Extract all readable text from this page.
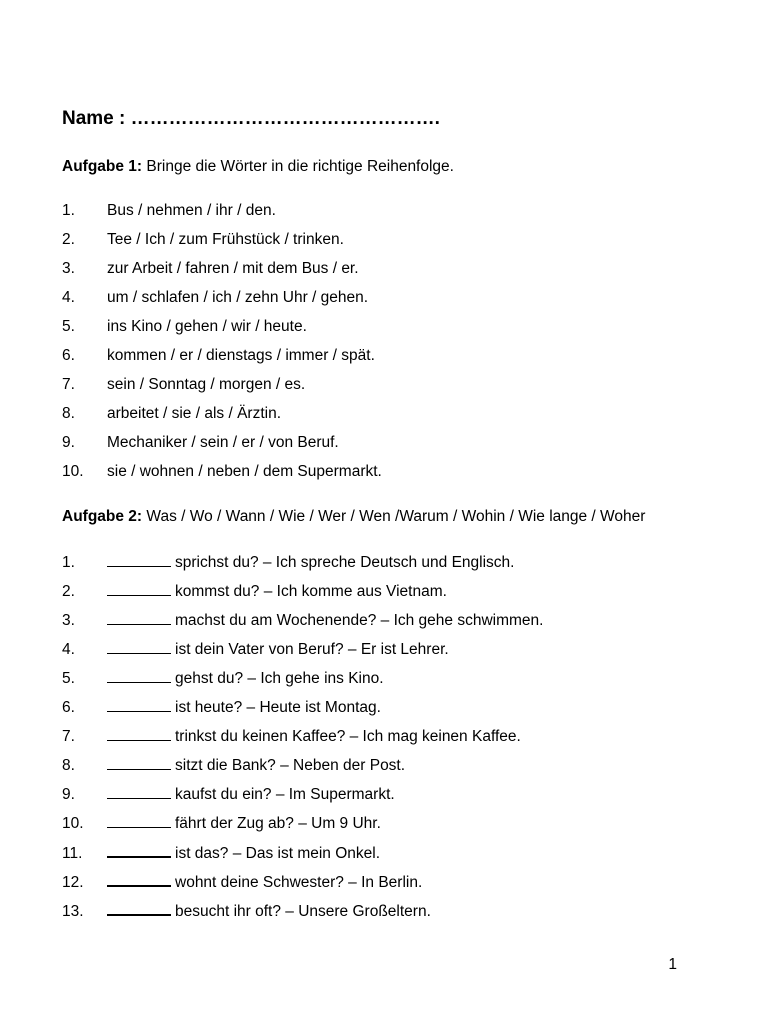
Name : ………………………………………….
Aufgabe 1: Bringe die Wörter in die richtige Reihenfolge.
1. Bus / nehmen / ihr / den.
2. Tee / Ich / zum Frühstück / trinken.
3. zur Arbeit / fahren / mit dem Bus / er.
4. um / schlafen / ich / zehn Uhr / gehen.
5. ins Kino / gehen / wir / heute.
6. kommen / er / dienstags / immer / spät.
7. sein / Sonntag / morgen / es.
8. arbeitet / sie / als / Ärztin.
9. Mechaniker / sein / er / von Beruf.
10. sie / wohnen / neben / dem Supermarkt.
Aufgabe 2: Was / Wo / Wann / Wie / Wer / Wen /Warum / Wohin / Wie lange / Woher
1.	sprichst du? – Ich spreche Deutsch und Englisch.
2.	kommst du? – Ich komme aus Vietnam.
3.	machst du am Wochenende? – Ich gehe schwimmen.
4.	ist dein Vater von Beruf? – Er ist Lehrer.
5.	gehst du? – Ich gehe ins Kino.
6.	ist heute? – Heute ist Montag.
7.	trinkst du keinen Kaffee? – Ich mag keinen Kaffee.
8.	sitzt die Bank? – Neben der Post.
9.	kaufst du ein? – Im Supermarkt.
10.	fährt der Zug ab? – Um 9 Uhr.
11.	ist das? – Das ist mein Onkel.
12.	wohnt deine Schwester? – In Berlin.
13.	besucht ihr oft? – Unsere Großeltern.
1
